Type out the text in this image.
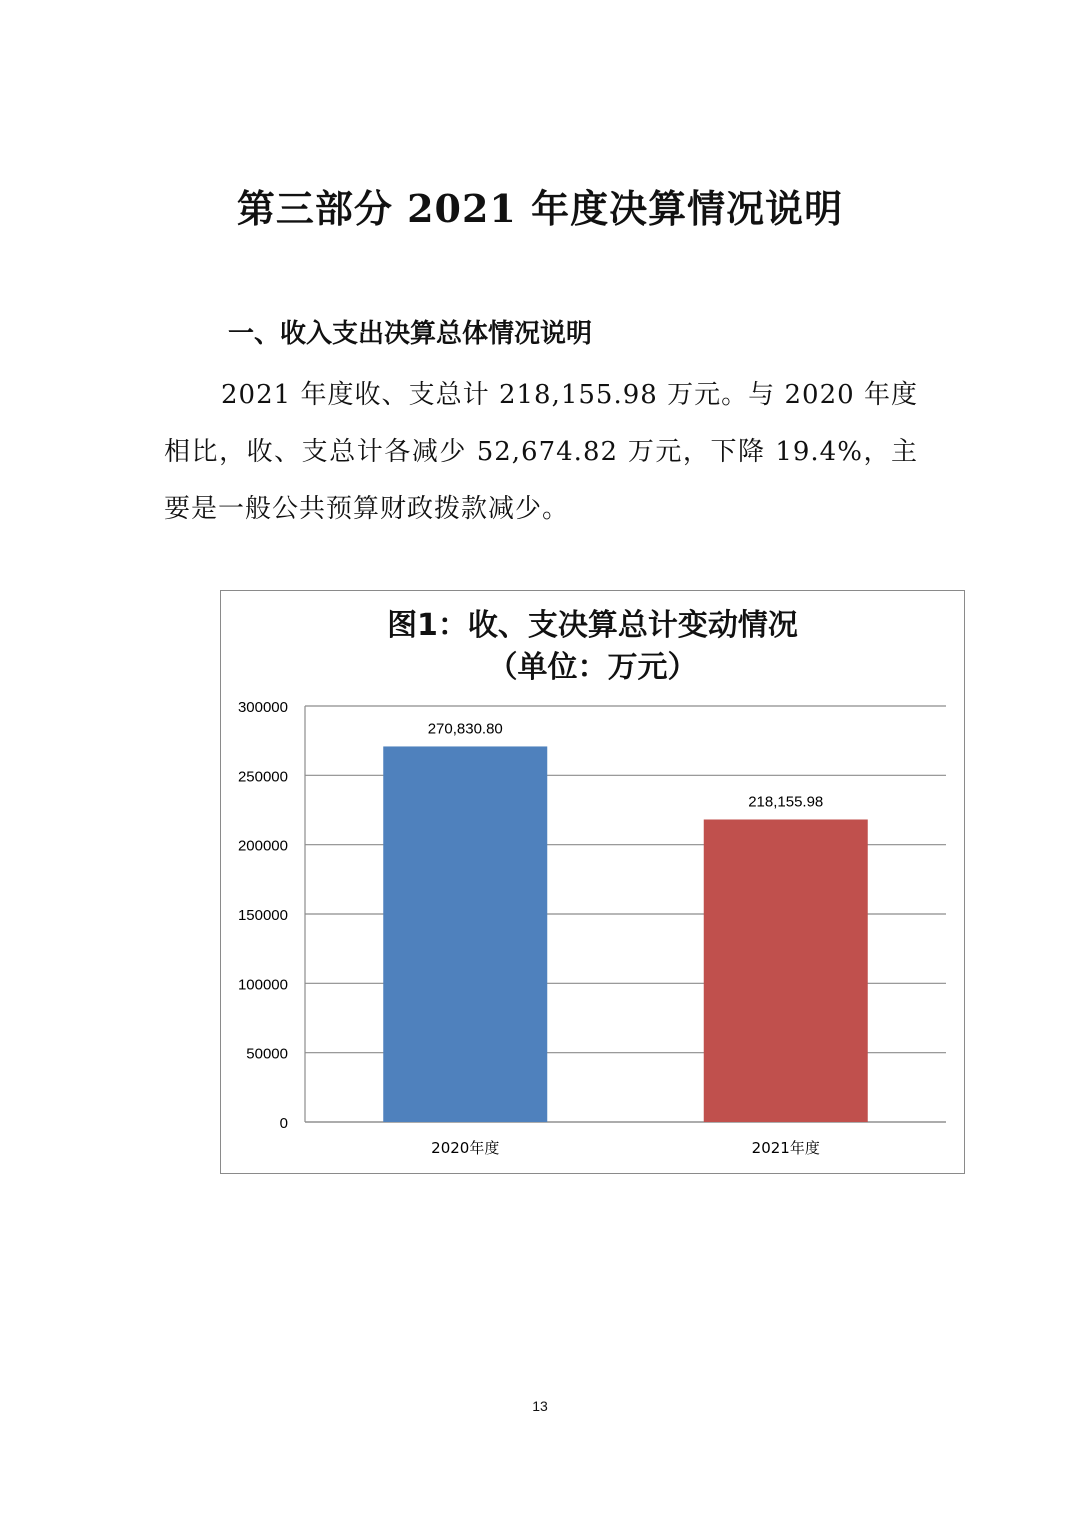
第三部分 2021 年度决算情况说明
一、收入支出决算总体情况说明
2021 年度收、支总计 218,155.98 万元。与 2020 年度相比，收、支总计各减少 52,674.82 万元，下降 19.4%，主要是一般公共预算财政拨款减少。
图1：收、支决算总计变动情况
（单位：万元）
0
50000
100000
150000
200000
250000
300000
270,830.80
2020年度
218,155.98
2021年度
13
